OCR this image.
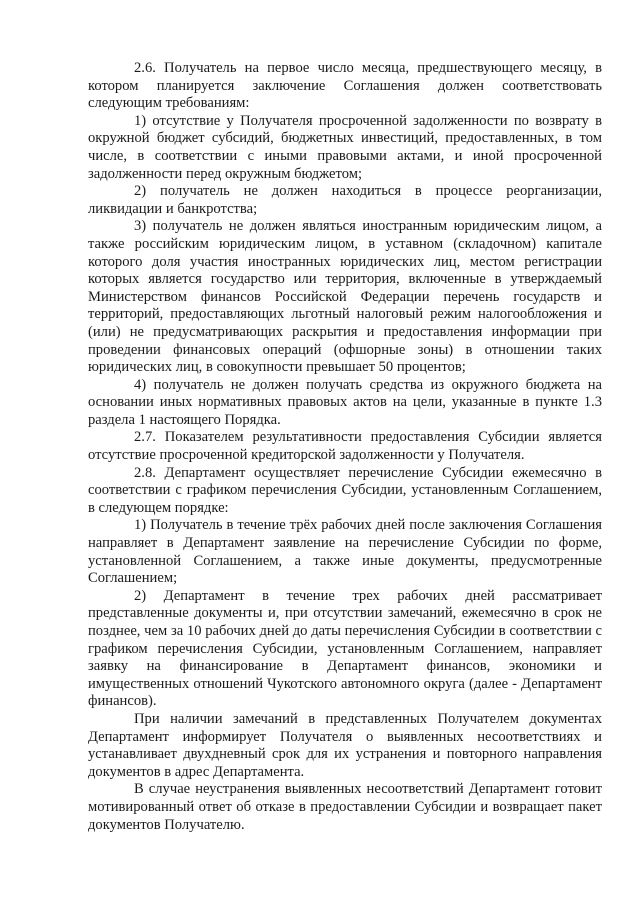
2.6. Получатель на первое число месяца, предшествующего месяцу, в котором планируется заключение Соглашения должен соответствовать следующим требованиям:

1) отсутствие у Получателя просроченной задолженности по возврату в окружной бюджет субсидий, бюджетных инвестиций, предоставленных, в том числе, в соответствии с иными правовыми актами, и иной просроченной задолженности перед окружным бюджетом;

2) получатель не должен находиться в процессе реорганизации, ликвидации и банкротства;

3) получатель не должен являться иностранным юридическим лицом, а также российским юридическим лицом, в уставном (складочном) капитале которого доля участия иностранных юридических лиц, местом регистрации которых является государство или территория, включенные в утверждаемый Министерством финансов Российской Федерации перечень государств и территорий, предоставляющих льготный налоговый режим налогообложения и (или) не предусматривающих раскрытия и предоставления информации при проведении финансовых операций (офшорные зоны) в отношении таких юридических лиц, в совокупности превышает 50 процентов;

4) получатель не должен получать средства из окружного бюджета на основании иных нормативных правовых актов на цели, указанные в пункте 1.3 раздела 1 настоящего Порядка.

2.7. Показателем результативности предоставления Субсидии является отсутствие просроченной кредиторской задолженности у Получателя.

2.8. Департамент осуществляет перечисление Субсидии ежемесячно в соответствии с графиком перечисления Субсидии, установленным Соглашением, в следующем порядке:

1) Получатель в течение трёх рабочих дней после заключения Соглашения направляет в Департамент заявление на перечисление Субсидии по форме, установленной Соглашением, а также иные документы, предусмотренные Соглашением;

2) Департамент в течение трех рабочих дней рассматривает представленные документы и, при отсутствии замечаний, ежемесячно в срок не позднее, чем за 10 рабочих дней до даты перечисления Субсидии в соответствии с графиком перечисления Субсидии, установленным Соглашением, направляет заявку на финансирование в Департамент финансов, экономики и имущественных отношений Чукотского автономного округа (далее - Департамент финансов).

При наличии замечаний в представленных Получателем документах Департамент информирует Получателя о выявленных несоответствиях и устанавливает двухдневный срок для их устранения и повторного направления документов в адрес Департамента.

В случае неустранения выявленных несоответствий Департамент готовит мотивированный ответ об отказе в предоставлении Субсидии и возвращает пакет документов Получателю.
